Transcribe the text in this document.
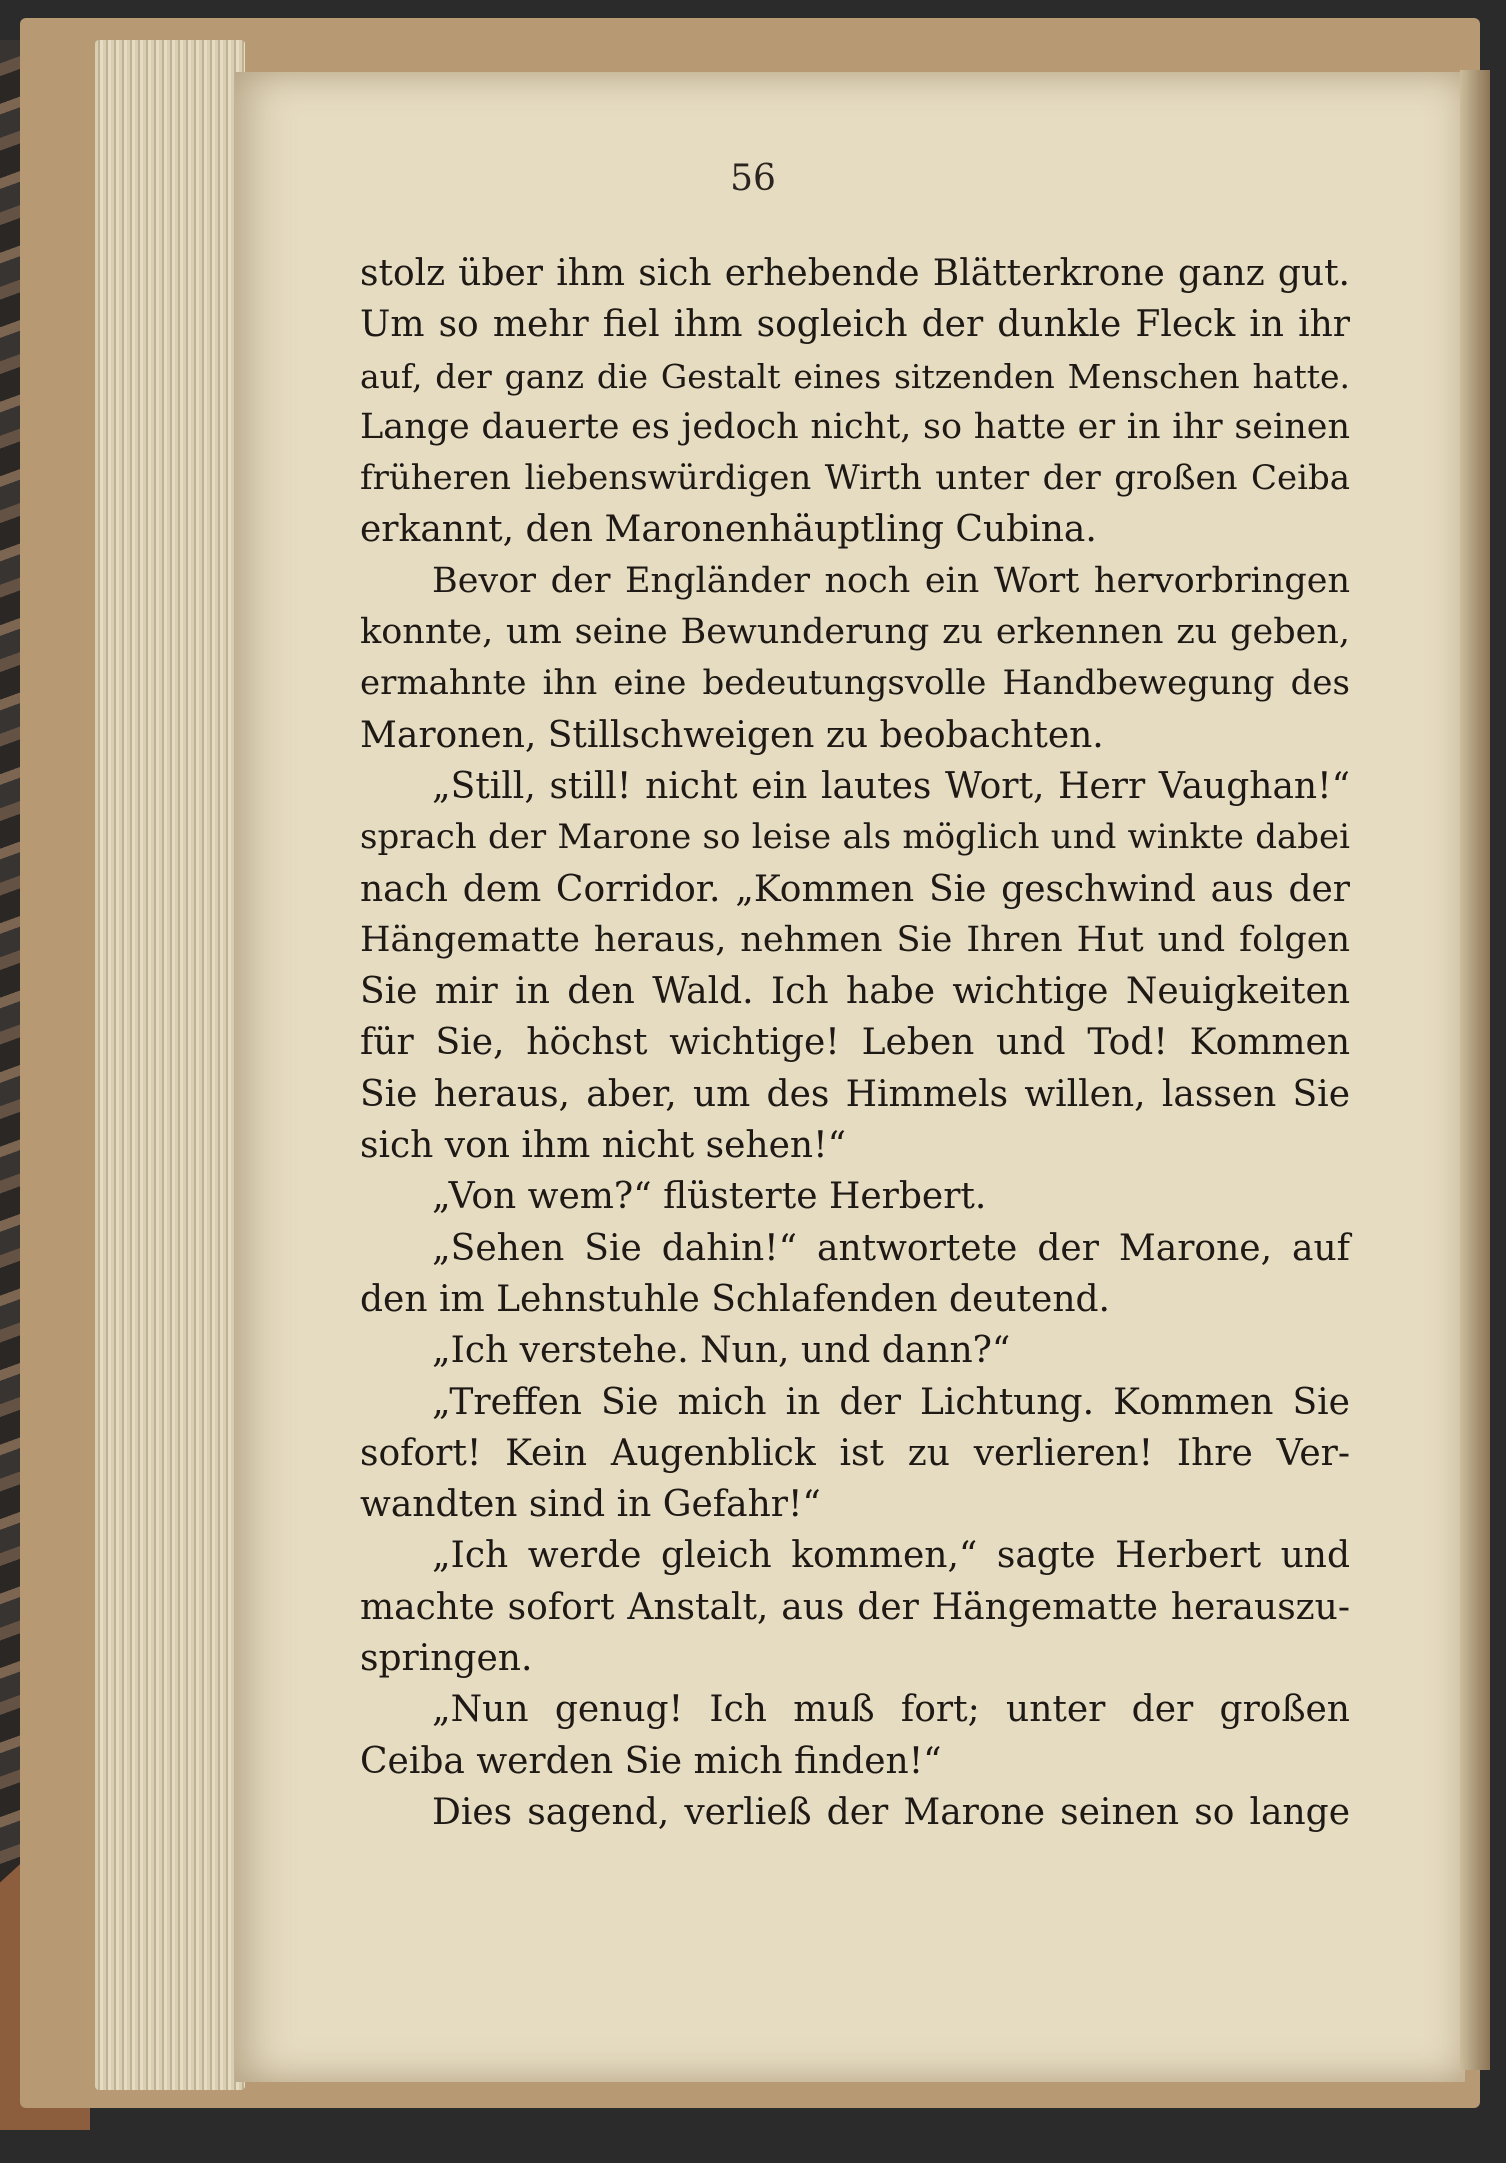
56
stolz über ihm sich erhebende Blätterkrone ganz gut.
Um so mehr fiel ihm sogleich der dunkle Fleck in ihr
auf, der ganz die Gestalt eines sitzenden Menschen hatte.
Lange dauerte es jedoch nicht, so hatte er in ihr seinen
früheren liebenswürdigen Wirth unter der großen Ceiba
erkannt, den Maronenhäuptling Cubina.
Bevor der Engländer noch ein Wort hervorbringen
konnte, um seine Bewunderung zu erkennen zu geben,
ermahnte ihn eine bedeutungsvolle Handbewegung des
Maronen, Stillschweigen zu beobachten.
„Still, still! nicht ein lautes Wort, Herr Vaughan!“
sprach der Marone so leise als möglich und winkte dabei
nach dem Corridor. „Kommen Sie geschwind aus der
Hängematte heraus, nehmen Sie Ihren Hut und folgen
Sie mir in den Wald. Ich habe wichtige Neuigkeiten
für Sie, höchst wichtige! Leben und Tod! Kommen
Sie heraus, aber, um des Himmels willen, lassen Sie
sich von ihm nicht sehen!“
„Von wem?“ flüsterte Herbert.
„Sehen Sie dahin!“ antwortete der Marone, auf
den im Lehnstuhle Schlafenden deutend.
„Ich verstehe. Nun, und dann?“
„Treffen Sie mich in der Lichtung. Kommen Sie
sofort! Kein Augenblick ist zu verlieren! Ihre Ver-
wandten sind in Gefahr!“
„Ich werde gleich kommen,“ sagte Herbert und
machte sofort Anstalt, aus der Hängematte herauszu-
springen.
„Nun genug! Ich muß fort; unter der großen
Ceiba werden Sie mich finden!“
Dies sagend, verließ der Marone seinen so lange
